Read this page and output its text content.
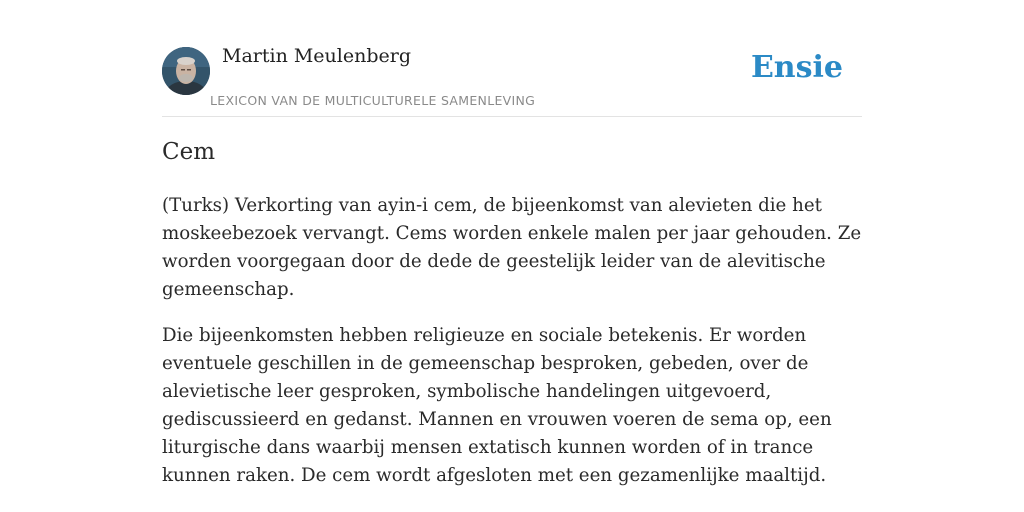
Martin Meulenberg
LEXICON VAN DE MULTICULTURELE SAMENLEVING
Ensie
Cem

(Turks) Verkorting van ayin-i cem, de bijeenkomst van alevieten die het moskeebezoek vervangt. Cems worden enkele malen per jaar gehouden. Ze worden voorgegaan door de dede de geestelijk leider van de alevitische gemeenschap.

Die bijeenkomsten hebben religieuze en sociale betekenis. Er worden eventuele geschillen in de gemeenschap besproken, gebeden, over de alevietische leer gesproken, symbolische handelingen uitgevoerd, gediscussieerd en gedanst. Mannen en vrouwen voeren de sema op, een liturgische dans waarbij mensen extatisch kunnen worden of in trance kunnen raken. De cem wordt afgesloten met een gezamenlijke maaltijd.
